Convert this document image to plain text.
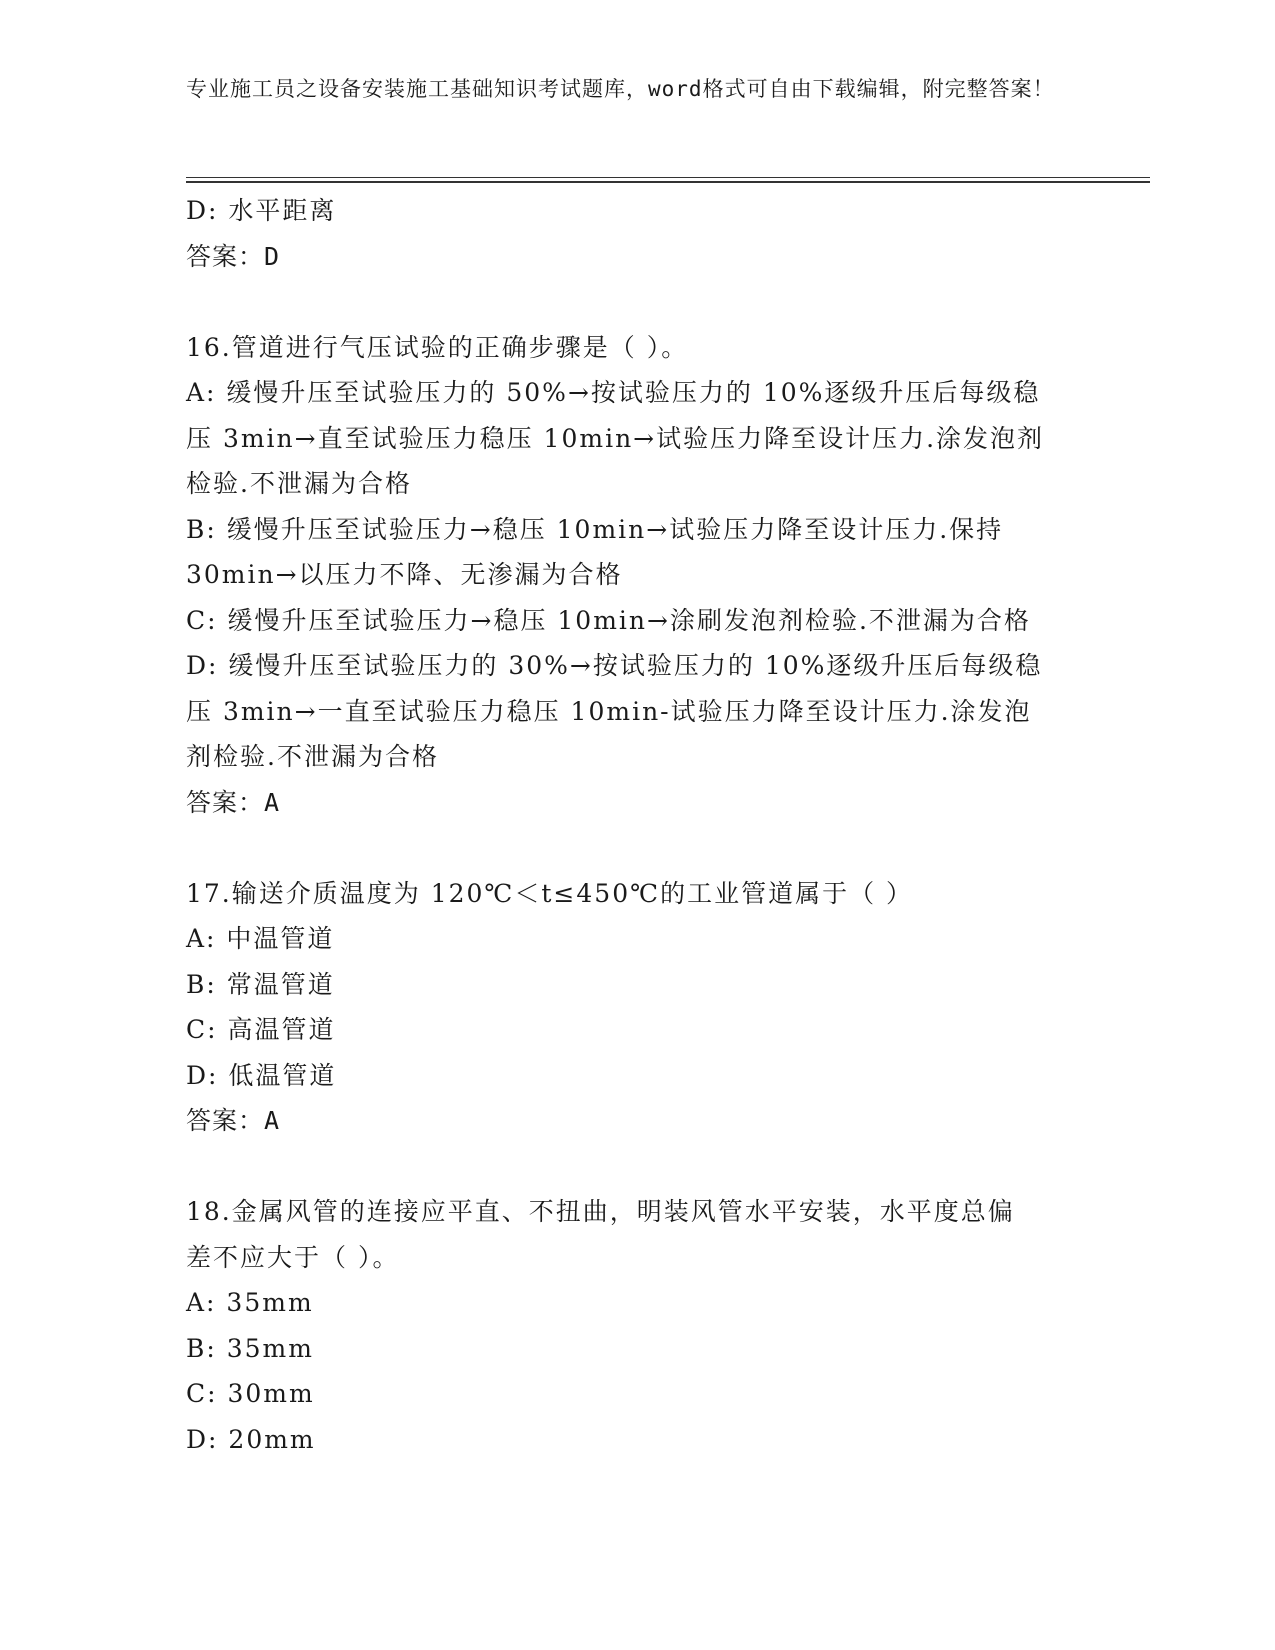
专业施工员之设备安装施工基础知识考试题库，word格式可自由下载编辑，附完整答案！
D: 水平距离
答案：D
16.管道进行气压试验的正确步骤是（ ）。
A: 缓慢升压至试验压力的 50%→按试验压力的 10%逐级升压后每级稳
压 3min→直至试验压力稳压 10min→试验压力降至设计压力.涂发泡剂
检验.不泄漏为合格
B: 缓慢升压至试验压力→稳压 10min→试验压力降至设计压力.保持
30min→以压力不降、无渗漏为合格
C: 缓慢升压至试验压力→稳压 10min→涂刷发泡剂检验.不泄漏为合格
D: 缓慢升压至试验压力的 30%→按试验压力的 10%逐级升压后每级稳
压 3min→一直至试验压力稳压 10min-试验压力降至设计压力.涂发泡
剂检验.不泄漏为合格
答案：A
17.输送介质温度为 120℃＜t≤450℃的工业管道属于（ ）
A: 中温管道
B: 常温管道
C: 高温管道
D: 低温管道
答案：A
18.金属风管的连接应平直、不扭曲，明装风管水平安装，水平度总偏
差不应大于（ ）。
A: 35mm
B: 35mm
C: 30mm
D: 20mm
